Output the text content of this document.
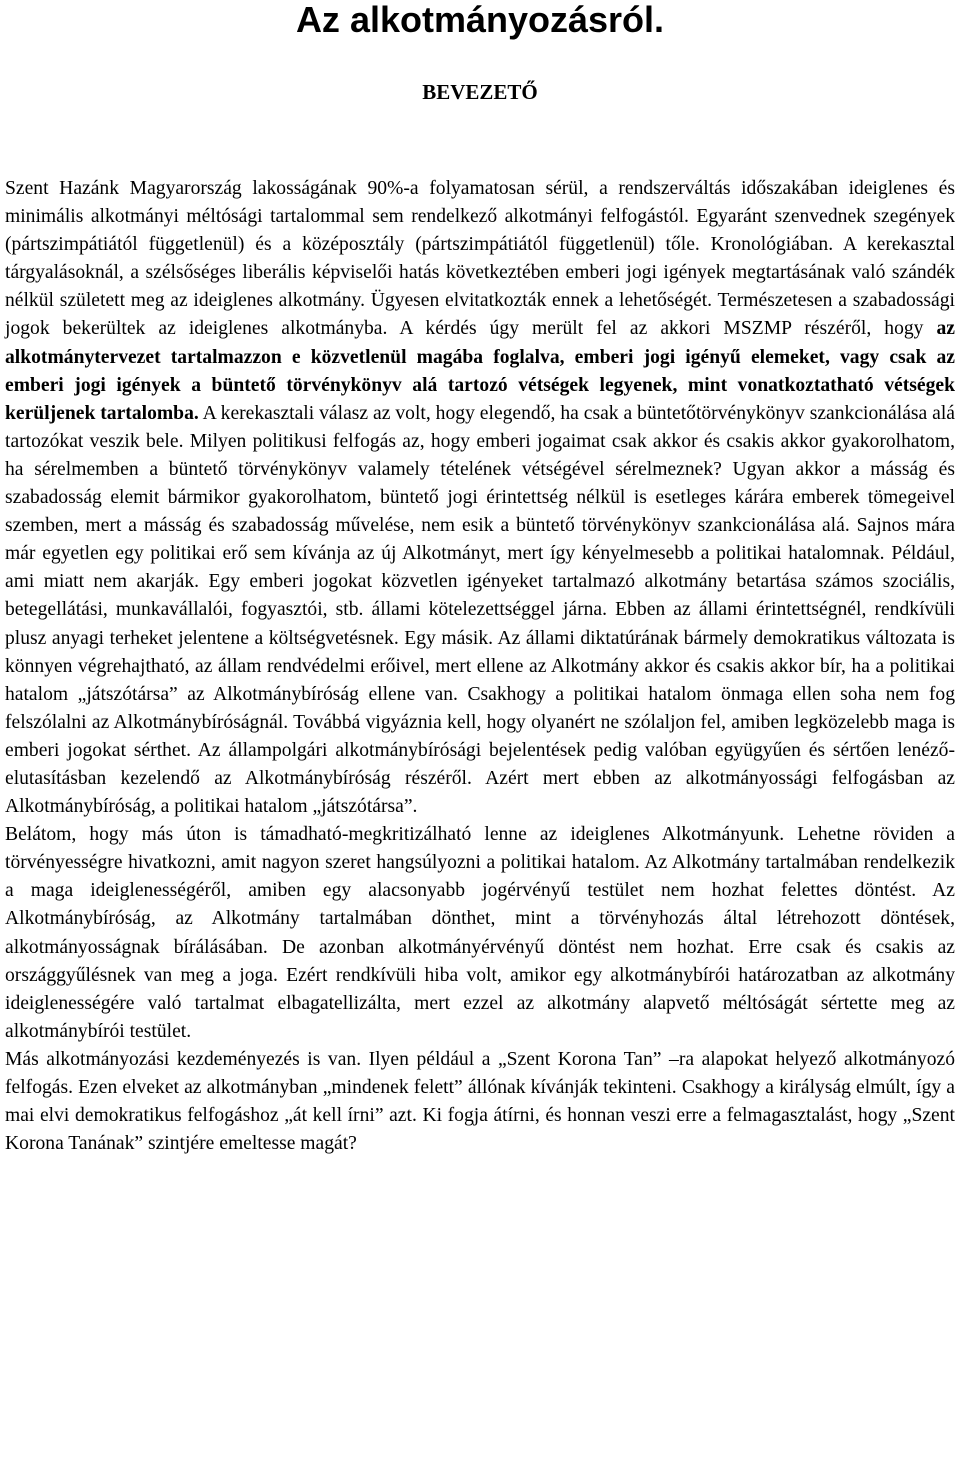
Az alkotmányozásról.
BEVEZETŐ

Szent Hazánk Magyarország lakosságának 90%-a folyamatosan sérül, a rendszerváltás időszakában ideiglenes és minimális alkotmányi méltósági tartalommal sem rendelkező alkotmányi felfogástól. Egyaránt szenvednek szegények (pártszimpátiától függetlenül) és a középosztály (pártszimpátiától függetlenül) tőle. Kronológiában. A kerekasztal tárgyalásoknál, a szélsőséges liberális képviselői hatás következtében emberi jogi igények megtartásának való szándék nélkül született meg az ideiglenes alkotmány. Ügyesen elvitatkozták ennek a lehetőségét. Természetesen a szabadossági jogok bekerültek az ideiglenes alkotmányba. A kérdés úgy merült fel az akkori MSZMP részéről, hogy az alkotmánytervezet tartalmazzon e közvetlenül magába foglalva, emberi jogi igényű elemeket, vagy csak az emberi jogi igények a büntető törvénykönyv alá tartozó vétségek legyenek, mint vonatkoztatható vétségek kerüljenek tartalomba. A kerekasztali válasz az volt, hogy elegendő, ha csak a büntetőtörvénykönyv szankcionálása alá tartozókat veszik bele. Milyen politikusi felfogás az, hogy emberi jogaimat csak akkor és csakis akkor gyakorolhatom, ha sérelmemben a büntető törvénykönyv valamely tételének vétségével sérelmeznek? Ugyan akkor a másság és szabadosság elemit bármikor gyakorolhatom, büntető jogi érintettség nélkül is esetleges kárára emberek tömegeivel szemben, mert a másság és szabadosság művelése, nem esik a büntető törvénykönyv szankcionálása alá. Sajnos mára már egyetlen egy politikai erő sem kívánja az új Alkotmányt, mert így kényelmesebb a politikai hatalomnak. Például, ami miatt nem akarják. Egy emberi jogokat közvetlen igényeket tartalmazó alkotmány betartása számos szociális, betegellátási, munkavállalói, fogyasztói, stb. állami kötelezettséggel járna. Ebben az állami érintettségnél, rendkívüli plusz anyagi terheket jelentene a költségvetésnek. Egy másik. Az állami diktatúrának bármely demokratikus változata is könnyen végrehajtható, az állam rendvédelmi erőivel, mert ellene az Alkotmány akkor és csakis akkor bír, ha a politikai hatalom „játszótársa” az Alkotmánybíróság ellene van. Csakhogy a politikai hatalom önmaga ellen soha nem fog felszólalni az Alkotmánybíróságnál. Továbbá vigyáznia kell, hogy olyanért ne szólaljon fel, amiben legközelebb maga is emberi jogokat sérthet. Az állampolgári alkotmánybírósági bejelentések pedig valóban együgyűen és sértően lenéző-elutasításban kezelendő az Alkotmánybíróság részéről. Azért mert ebben az alkotmányossági felfogásban az Alkotmánybíróság, a politikai hatalom „játszótársa”.

Belátom, hogy más úton is támadható-megkritizálható lenne az ideiglenes Alkotmányunk. Lehetne röviden a törvényességre hivatkozni, amit nagyon szeret hangsúlyozni a politikai hatalom. Az Alkotmány tartalmában rendelkezik a maga ideiglenességéről, amiben egy alacsonyabb jogérvényű testület nem hozhat felettes döntést. Az Alkotmánybíróság, az Alkotmány tartalmában dönthet, mint a törvényhozás által létrehozott döntések, alkotmányosságnak bírálásában. De azonban alkotmányérvényű döntést nem hozhat. Erre csak és csakis az országgyűlésnek van meg a joga. Ezért rendkívüli hiba volt, amikor egy alkotmánybírói határozatban az alkotmány ideiglenességére való tartalmat elbagatellizálta, mert ezzel az alkotmány alapvető méltóságát sértette meg az alkotmánybírói testület.

Más alkotmányozási kezdeményezés is van. Ilyen például a „Szent Korona Tan” –ra alapokat helyező alkotmányozó felfogás. Ezen elveket az alkotmányban „mindenek felett” állónak kívánják tekinteni. Csakhogy a királyság elmúlt, így a mai elvi demokratikus felfogáshoz „át kell írni” azt. Ki fogja átírni, és honnan veszi erre a felmagasztalást, hogy „Szent Korona Tanának” szintjére emeltesse magát?
